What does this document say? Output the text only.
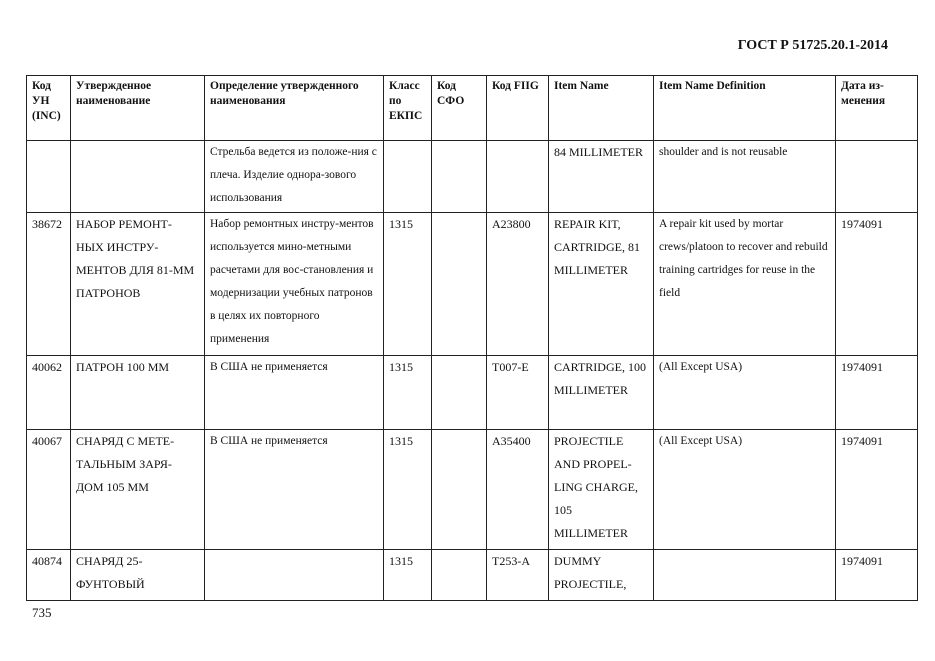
ГОСТ Р 51725.20.1-2014
Код УН (INC)	Утвержденное наименование	Определение утвержденного наименования	Класс по ЕКПС	Код СФО	Код FIIG	Item Name	Item Name Definition	Дата из-менения
		Стрельба ведется из положе-ния с плеча. Изделие однора-зового использования				84 MILLIMETER	shoulder and is not reusable	
38672	НАБОР РЕМОНТ-НЫХ ИНСТРУ-МЕНТОВ ДЛЯ 81-ММ ПАТРОНОВ	Набор ремонтных инстру-ментов используется мино-метными расчетами для вос-становления и модернизации учебных патронов в целях их повторного применения	1315		A23800	REPAIR KIT, CARTRIDGE, 81 MILLIMETER	A repair kit used by mortar crews/platoon to recover and rebuild training cartridges for reuse in the field	1974091
40062	ПАТРОН 100 ММ	В США не применяется	1315		T007-E	CARTRIDGE, 100 MILLIMETER	(All Except USA)	1974091
40067	СНАРЯД С МЕТЕ-ТАЛЬНЫМ ЗАРЯ-ДОМ 105 ММ	В США не применяется	1315		A35400	PROJECTILE AND PROPEL-LING CHARGE, 105 MILLIMETER	(All Except USA)	1974091
40874	СНАРЯД 25-ФУНТОВЫЙ		1315		T253-A	DUMMY PROJECTILE,		1974091
735
